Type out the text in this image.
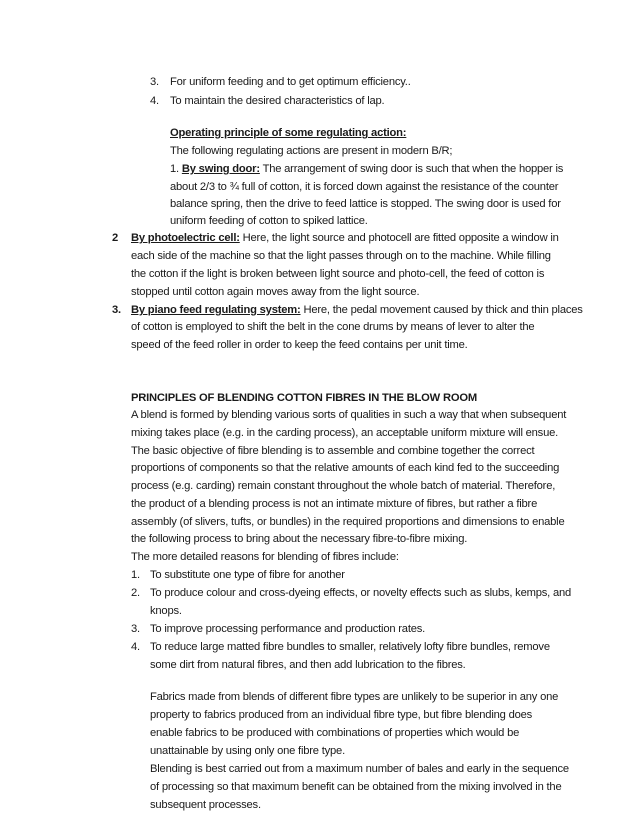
3. For uniform feeding and to get optimum efficiency..
4. To maintain the desired characteristics of lap.
Operating principle of some regulating action:
The following regulating actions are present in modern B/R;
1. By swing door: The arrangement of swing door is such that when the hopper is
about 2/3 to ¾ full of cotton, it is forced down against the resistance of the counter
balance spring, then the drive to feed lattice is stopped. The swing door is used for
uniform feeding of cotton to spiked lattice.
2 By photoelectric cell: Here, the light source and photocell are fitted opposite a window in
each side of the machine so that the light passes through on to the machine. While filling
the cotton if the light is broken between light source and photo-cell, the feed of cotton is
stopped until cotton again moves away from the light source.
3. By piano feed regulating system: Here, the pedal movement caused by thick and thin places
of cotton is employed to shift the belt in the cone drums by means of lever to alter the
speed of the feed roller in order to keep the feed contains per unit time.
PRINCIPLES OF BLENDING COTTON FIBRES IN THE BLOW ROOM
A blend is formed by blending various sorts of qualities in such a way that when subsequent
mixing takes place (e.g. in the carding process), an acceptable uniform mixture will ensue.
The basic objective of fibre blending is to assemble and combine together the correct
proportions of components so that the relative amounts of each kind fed to the succeeding
process (e.g. carding) remain constant throughout the whole batch of material. Therefore,
the product of a blending process is not an intimate mixture of fibres, but rather a fibre
assembly (of slivers, tufts, or bundles) in the required proportions and dimensions to enable
the following process to bring about the necessary fibre-to-fibre mixing.
The more detailed reasons for blending of fibres include:
1. To substitute one type of fibre for another
2. To produce colour and cross-dyeing effects, or novelty effects such as slubs, kemps, and
knops.
3. To improve processing performance and production rates.
4. To reduce large matted fibre bundles to smaller, relatively lofty fibre bundles, remove
some dirt from natural fibres, and then add lubrication to the fibres.
Fabrics made from blends of different fibre types are unlikely to be superior in any one
property to fabrics produced from an individual fibre type, but fibre blending does
enable fabrics to be produced with combinations of properties which would be
unattainable by using only one fibre type.
Blending is best carried out from a maximum number of bales and early in the sequence
of processing so that maximum benefit can be obtained from the mixing involved in the
subsequent processes.
